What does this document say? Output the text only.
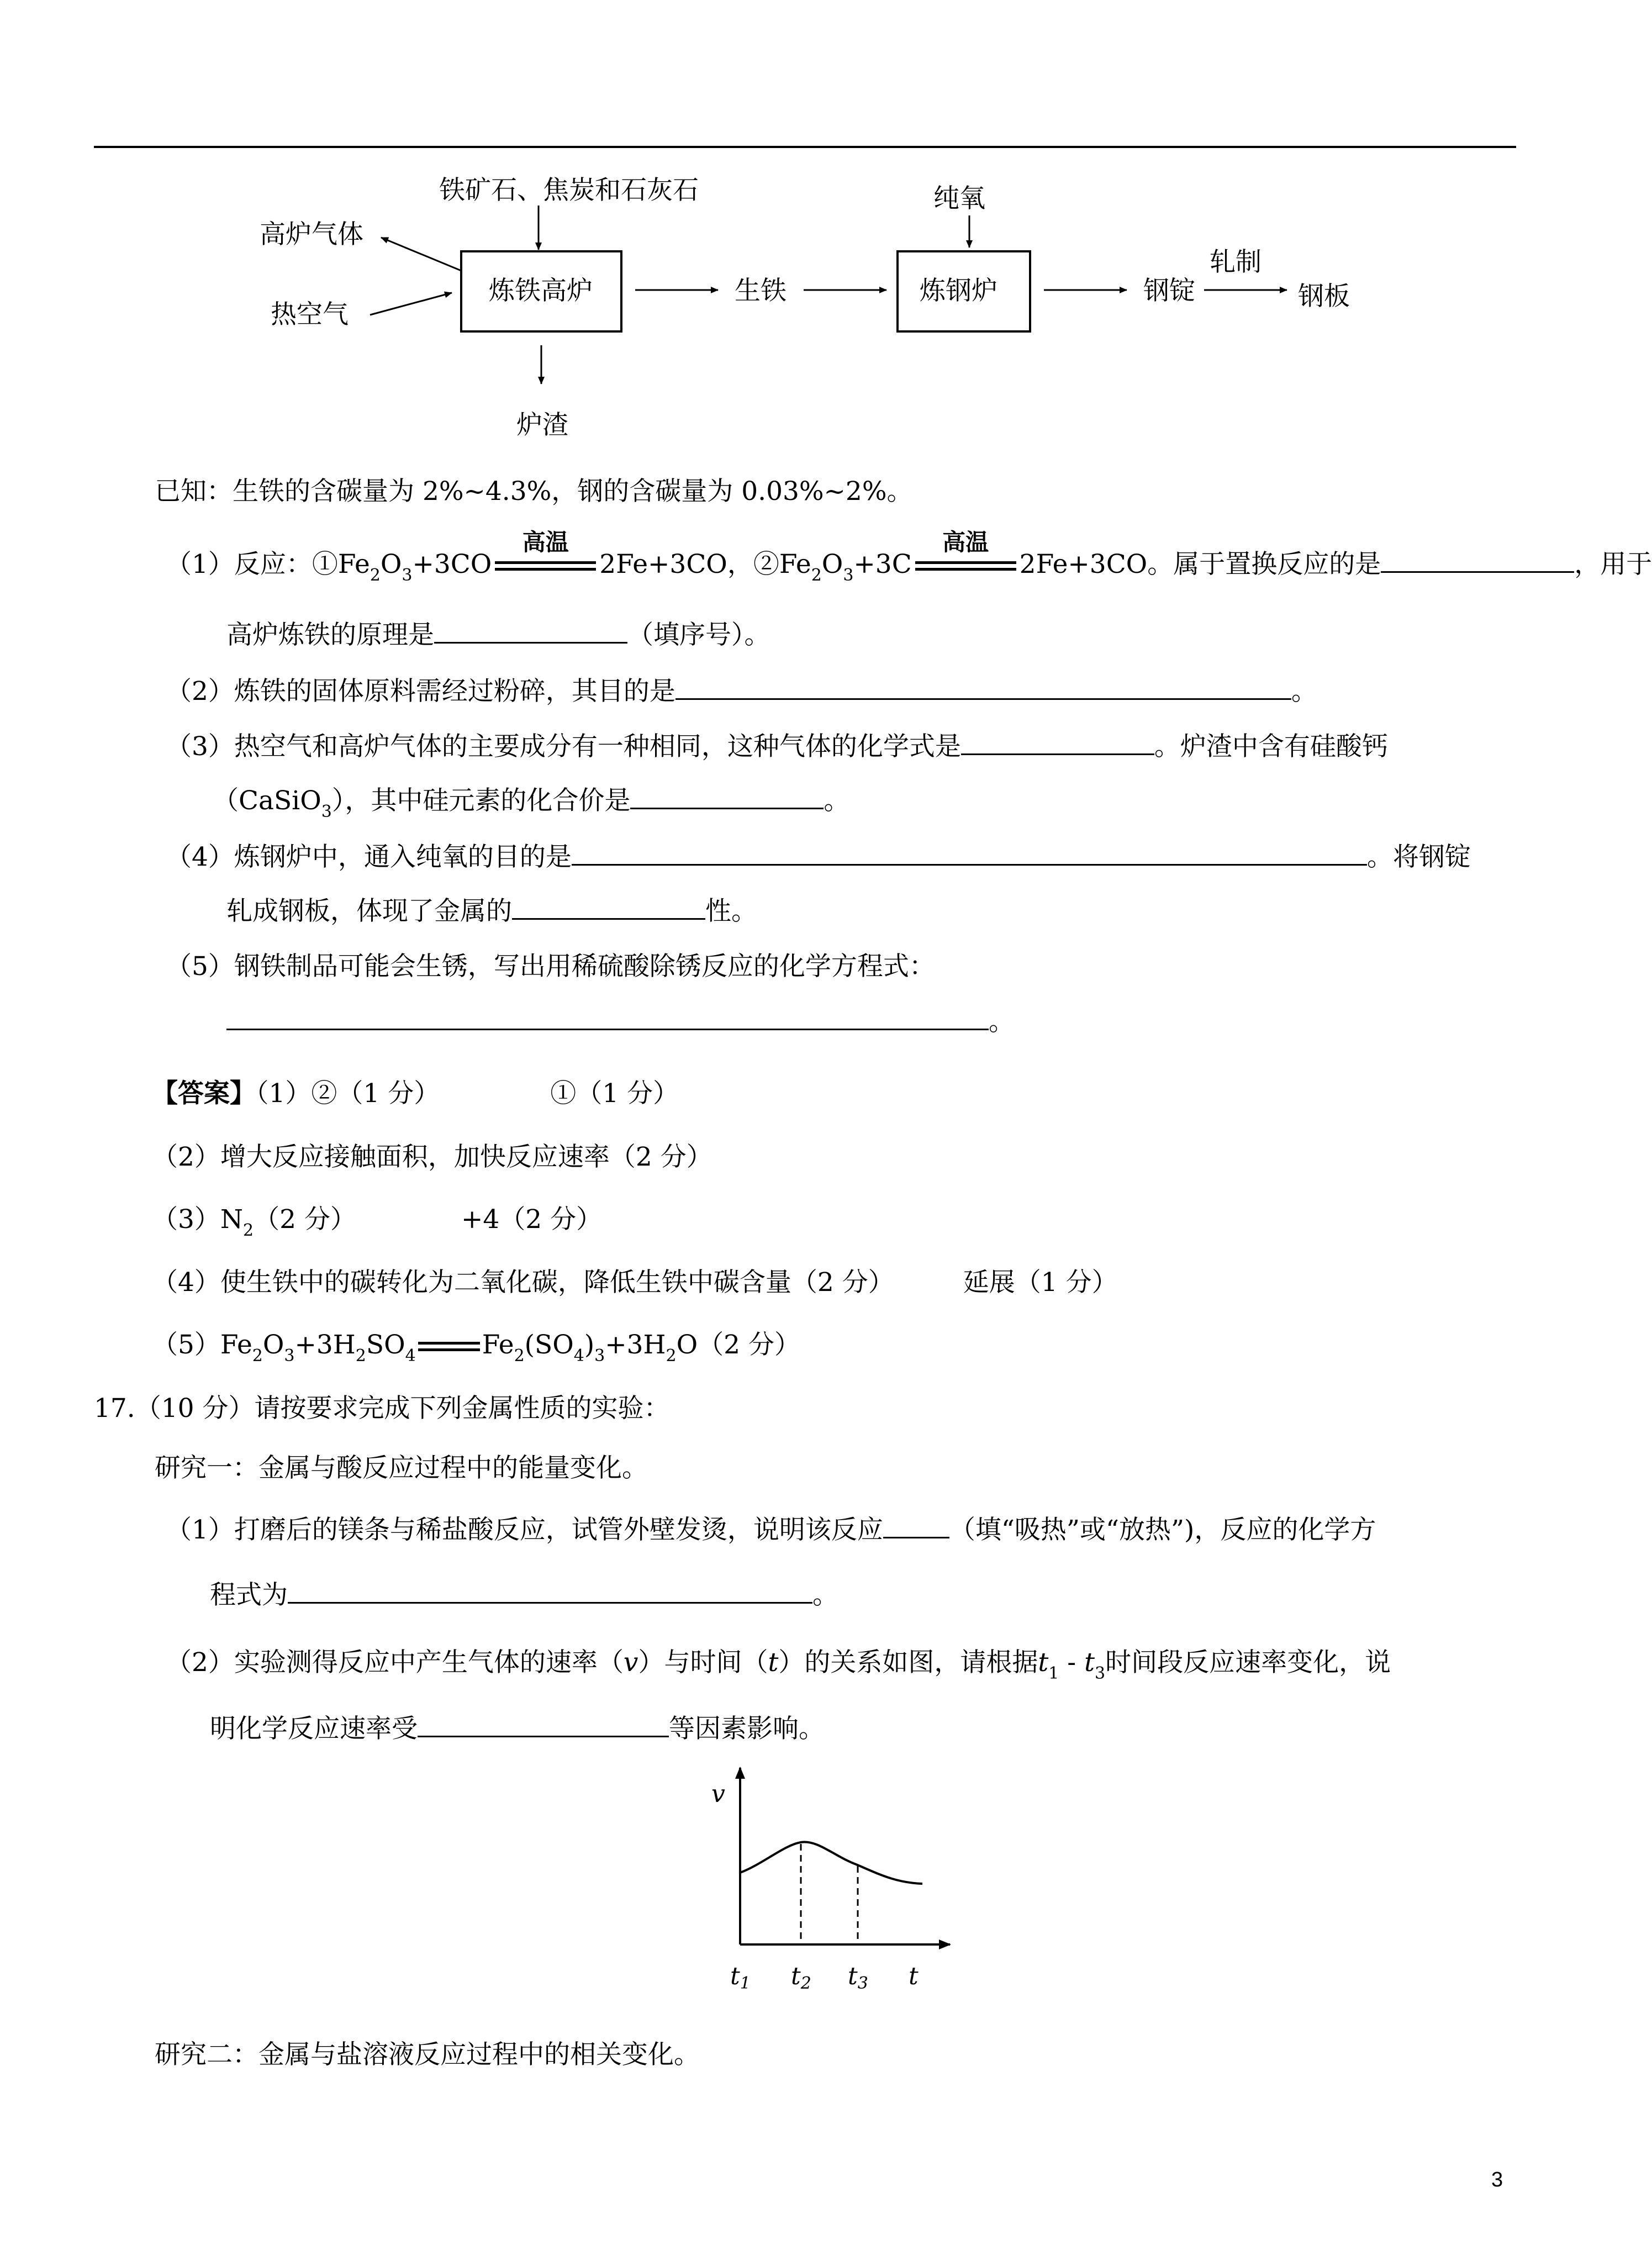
铁矿石、焦炭和石灰石
高炉气体
热空气
炼铁高炉	生铁
纯氧
炼钢炉	钢锭
轧制
钢板
炉渣
已知：生铁的含碳量为 2%~4.3%，钢的含碳量为 0.03%~2%。
（1）反应：$①Fe_2O_3+3CO$
高温
2Fe+3CO，$②Fe_2O_3+3C$
高温
2Fe+3CO。属于置换反应的是	，用于
高炉炼铁的原理是	（填序号）。
（2）炼铁的固体原料需经过粉碎，其目的是	。
（3）热空气和高炉气体的主要成分有一种相同，这种气体的化学式是	。炉渣中含有硅酸钙
（CaSiO$_3$），其中硅元素的化合价是	。
（4）炼钢炉中，通入纯氧的目的是	。将钢锭
轧成钢板，体现了金属的	性。
（5）钢铁制品可能会生锈，写出用稀硫酸除锈反应的化学方程式：
。
【答案】（1）②（1 分）	①（1 分）
（2）增大反应接触面积，加快反应速率（2 分）
$(3)N_2(2$ 分）	+4（2 分）
（4）使生铁中的碳转化为二氧化碳，降低生铁中碳含量（2 分）	延展（1 分）
$(5)Fe_2O_3+3H_2SO_4$	$Fe_2(SO_4)_3+3H_2O(2$ 分）
17.（10 分）请按要求完成下列金属性质的实验：
研究一：金属与酸反应过程中的能量变化。
（1）打磨后的镁条与稀盐酸反应，试管外壁发烫，说明该反应	（填“吸热”或“放热”)，反应的化学方
程式为	。
（2）实验测得反应中产生气体的速率（v）与时间（t）的关系如图，请根据$t_1 - t_3$时间段反应速率变化，说
明化学反应速率受	等因素影响。
v
t1 t2 t3 t
研究二：金属与盐溶液反应过程中的相关变化。
3
